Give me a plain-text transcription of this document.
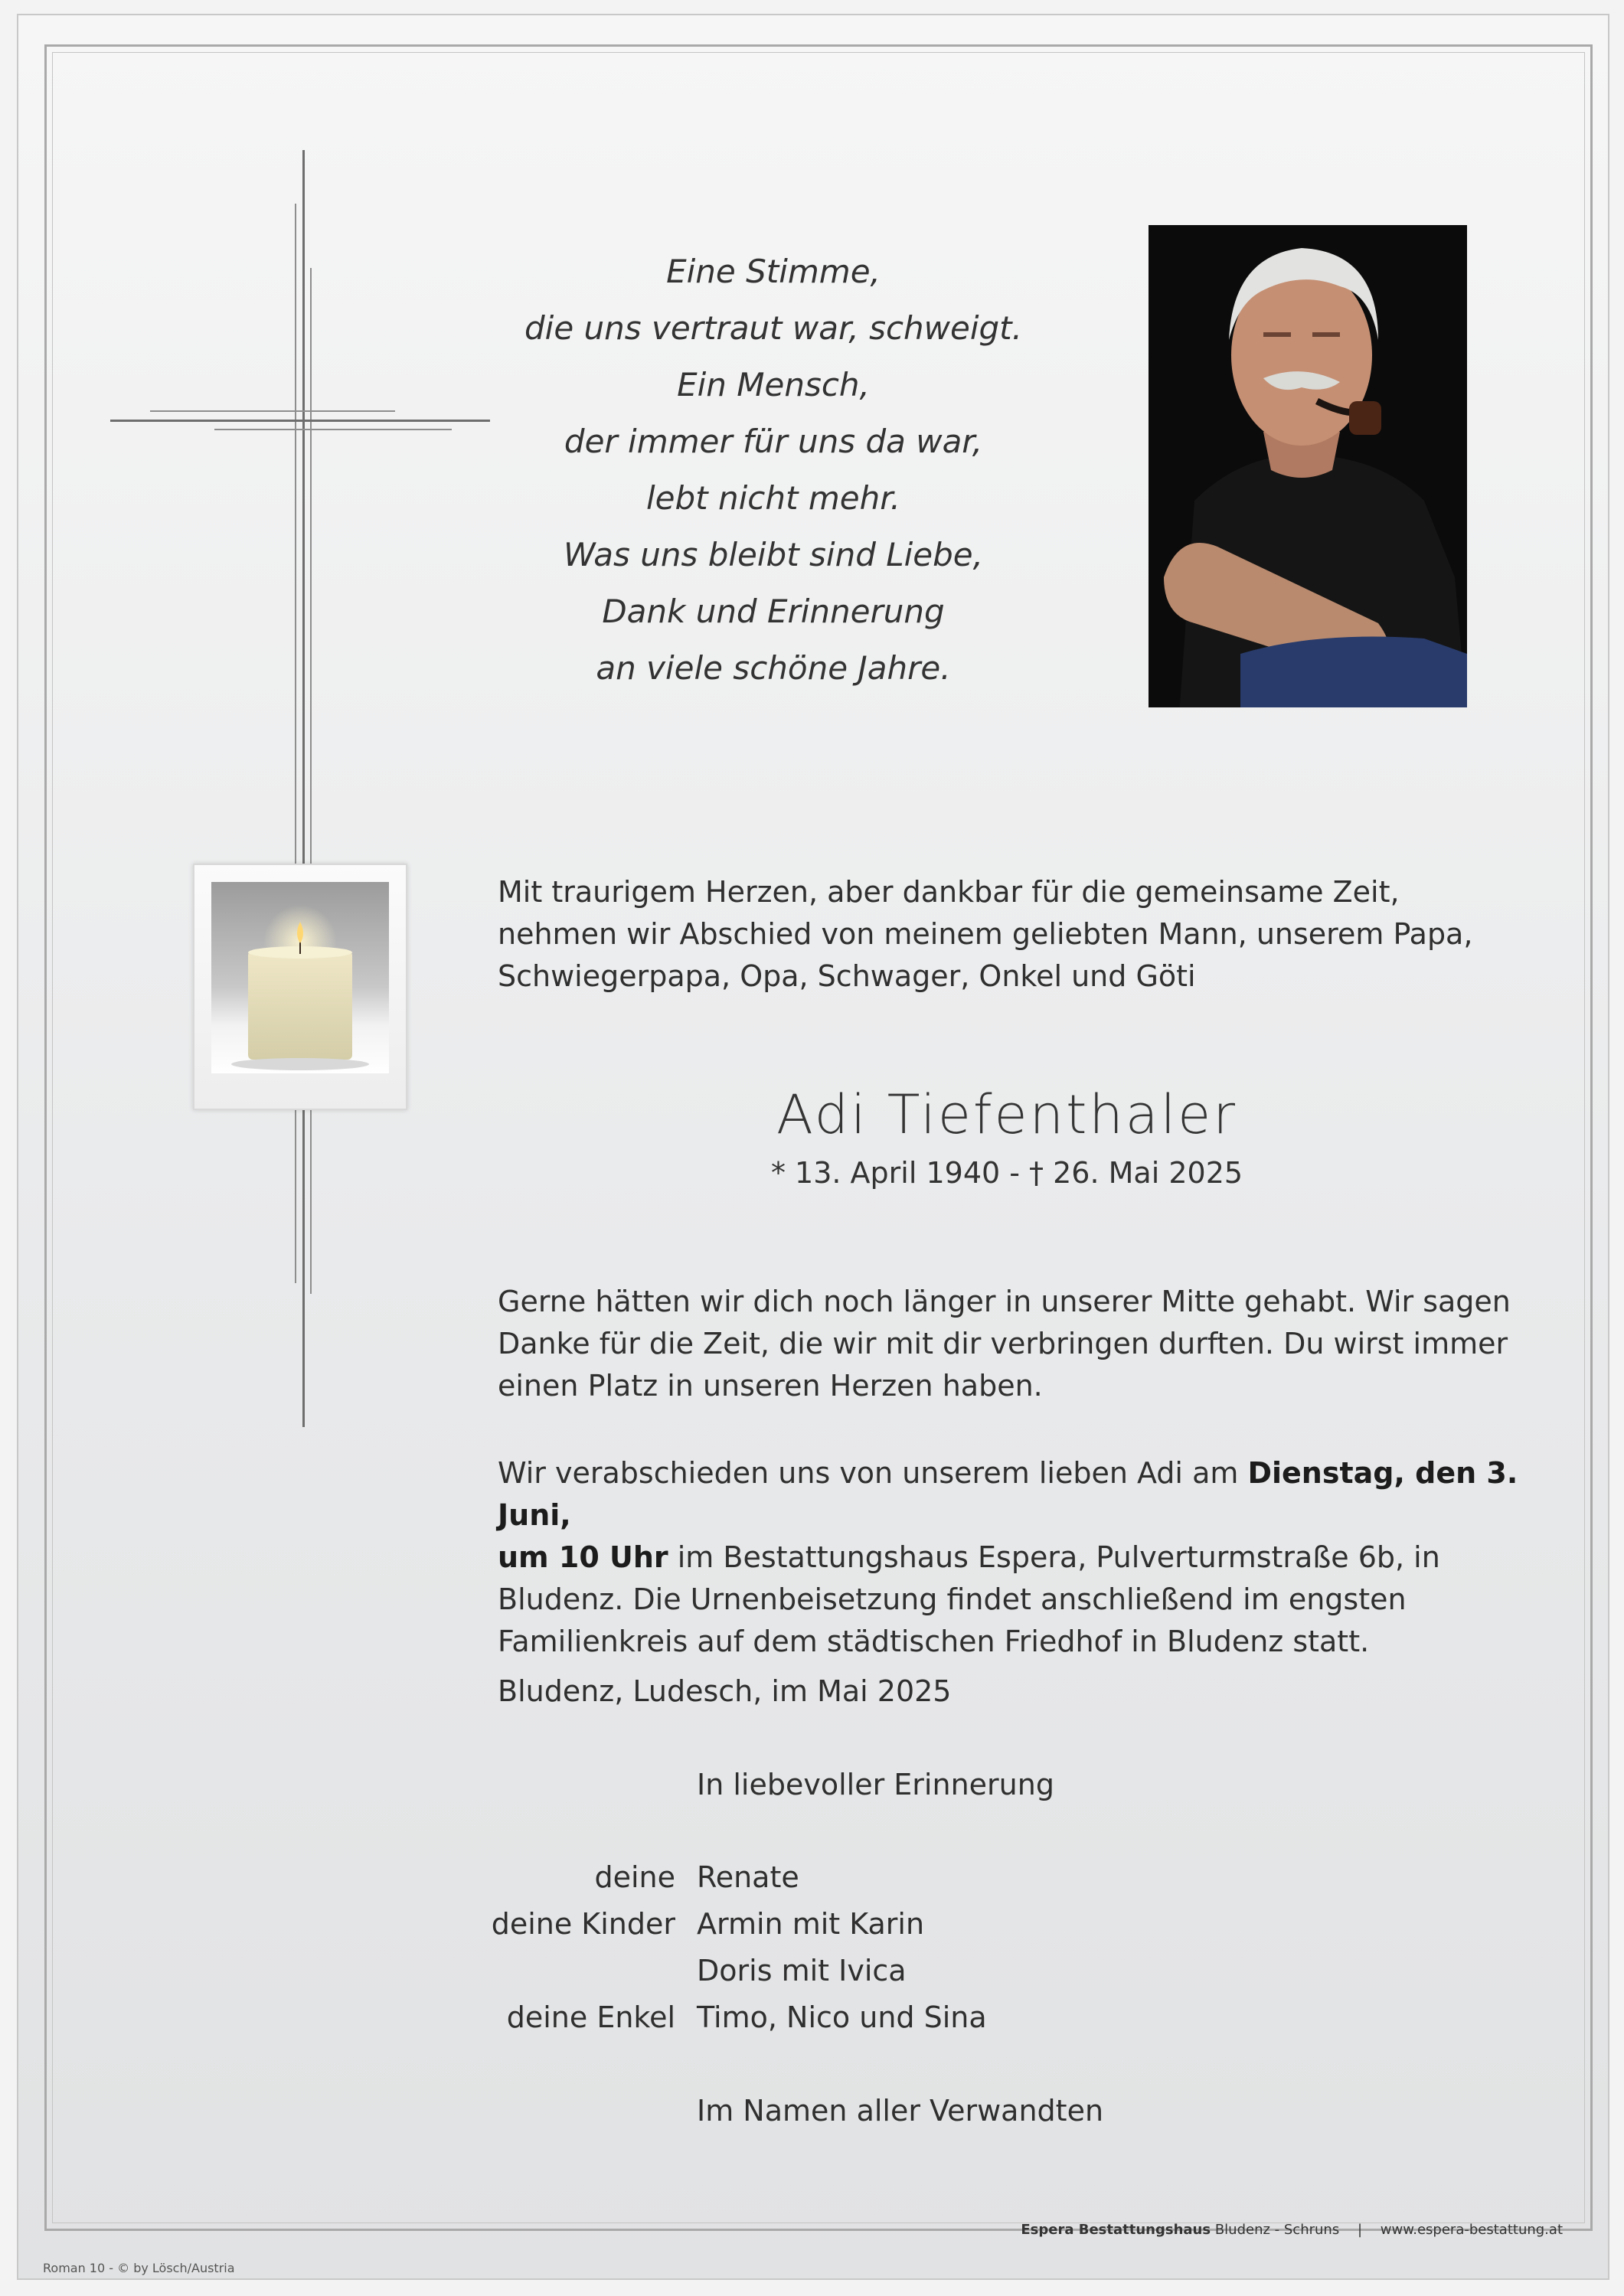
Eine Stimme,
die uns vertraut war, schweigt.
Ein Mensch,
der immer für uns da war,
lebt nicht mehr.
Was uns bleibt sind Liebe,
Dank und Erinnerung
an viele schöne Jahre.
Mit traurigem Herzen, aber dankbar für die gemeinsame Zeit, nehmen wir Abschied von meinem geliebten Mann, unserem Papa, Schwiegerpapa, Opa, Schwager, Onkel und Göti
Adi Tiefenthaler
* 13. April 1940 - † 26. Mai 2025
Gerne hätten wir dich noch länger in unserer Mitte gehabt. Wir sagen Danke für die Zeit, die wir mit dir verbringen durften. Du wirst immer einen Platz in unseren Herzen haben.
Wir verabschieden uns von unserem lieben Adi am Dienstag, den 3. Juni,
um 10 Uhr im Bestattungshaus Espera, Pulverturmstraße 6b, in Bludenz. Die Urnenbeisetzung findet anschließend im engsten Familienkreis auf dem städtischen Friedhof in Bludenz statt.
Bludenz, Ludesch, im Mai 2025
In liebevoller Erinnerung
deine Renate
deine Kinder Armin mit Karin
Doris mit Ivica
deine Enkel Timo, Nico und Sina
Im Namen aller Verwandten
Espera Bestattungshaus Bludenz - Schruns | www.espera-bestattung.at
Roman 10 - © by Lösch/Austria
